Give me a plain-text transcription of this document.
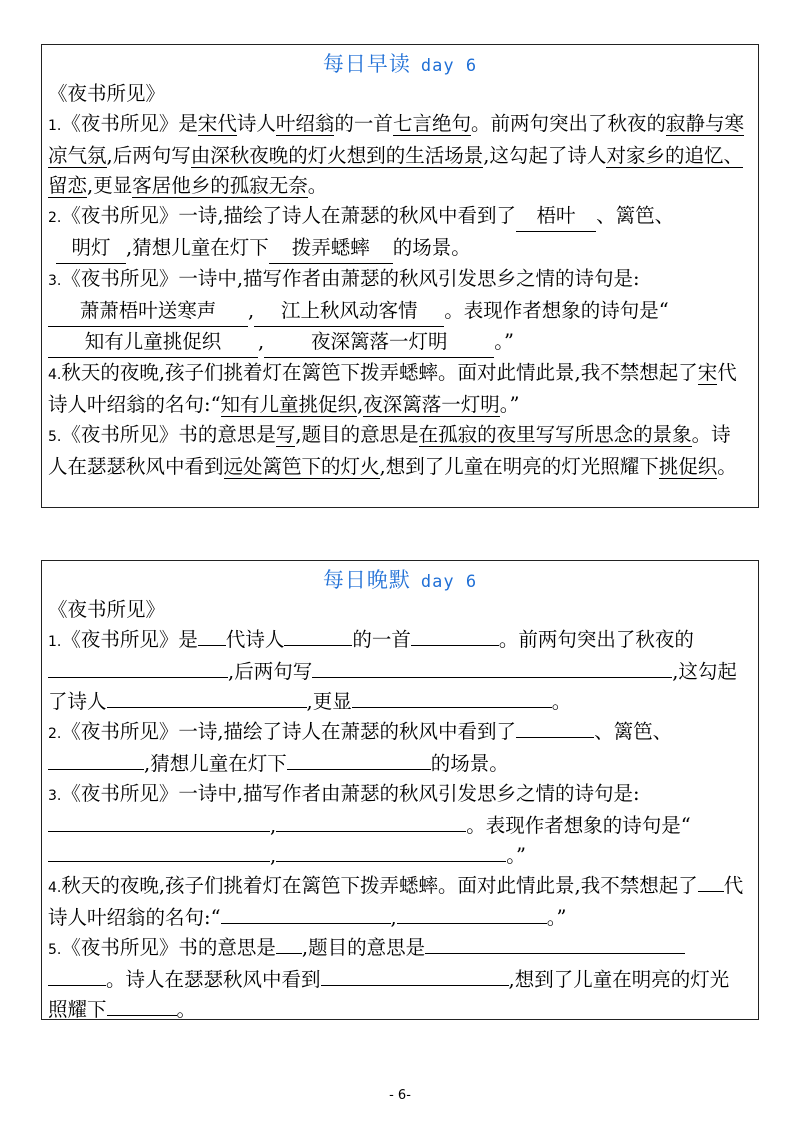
每日早读 day 6

《夜书所见》

1.《夜书所见》是宋代诗人叶绍翁的一首七言绝句。前两句突出了秋夜的寂静与寒凉气氛,后两句写由深秋夜晚的灯火想到的生活场景,这勾起了诗人对家乡的追忆、留恋,更显客居他乡的孤寂无奈。

2.《夜书所见》一诗,描绘了诗人在萧瑟的秋风中看到了 梧叶 、篱笆、
明灯 ,猜想儿童在灯下 拨弄蟋蟀 的场景。

3.《夜书所见》一诗中,描写作者由萧瑟的秋风引发思乡之情的诗句是:
萧萧梧叶送寒声 , 江上秋风动客情 。表现作者想象的诗句是“
知有儿童挑促织 , 夜深篱落一灯明 。”

4.秋天的夜晚,孩子们挑着灯在篱笆下拨弄蟋蟀。面对此情此景,我不禁想起了宋代诗人叶绍翁的名句:“知有儿童挑促织,夜深篱落一灯明。”

5.《夜书所见》书的意思是写,题目的意思是在孤寂的夜里写写所思念的景象。诗人在瑟瑟秋风中看到远处篱笆下的灯火,想到了儿童在明亮的灯光照耀下挑促织。

每日晚默 day 6

《夜书所见》

1.《夜书所见》是 代诗人	的一首	。前两句突出了秋夜的,后两句写	,这勾起了诗人	,更显	。

2.《夜书所见》一诗,描绘了诗人在萧瑟的秋风中看到了	、篱笆、
,猜想儿童在灯下	的场景。

3.《夜书所见》一诗中,描写作者由萧瑟的秋风引发思乡之情的诗句是:
,	。表现作者想象的诗句是“
,	。”

4.秋天的夜晚,孩子们挑着灯在篱笆下拨弄蟋蟀。面对此情此景,我不禁想起了 代诗人叶绍翁的名句:“	,	。”

5.《夜书所见》书的意思是 ,题目的意思是
。诗人在瑟瑟秋风中看到	,想到了儿童在明亮的灯光照耀下	。

- 6-
